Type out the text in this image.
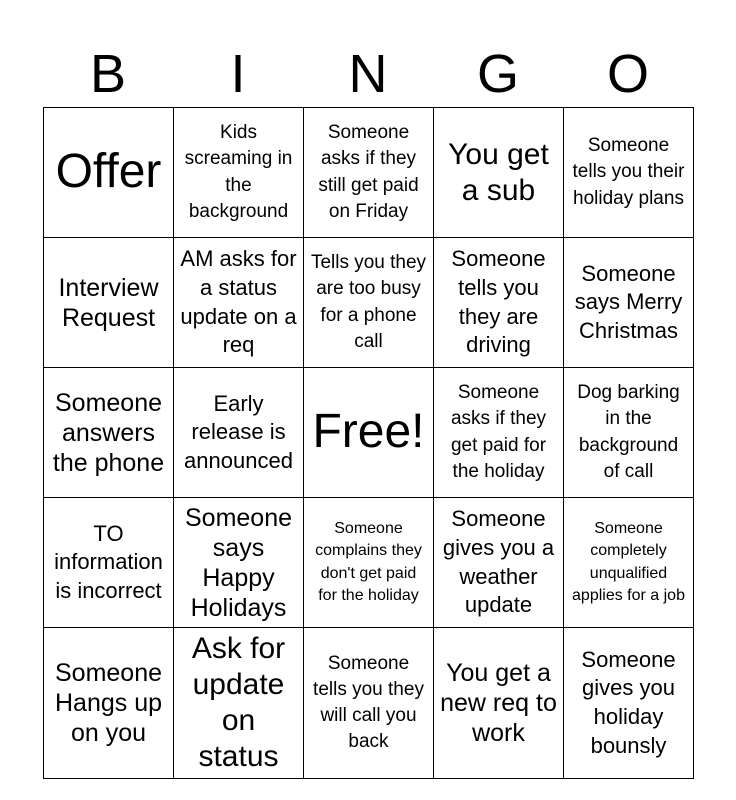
B	I	N	G	O
Offer	Kids screaming in the background	Someone asks if they still get paid on Friday	You get a sub	Someone tells you their holiday plans
Interview Request	AM asks for a status update on a req	Tells you they are too busy for a phone call	Someone tells you they are driving	Someone says Merry Christmas
Someone answers the phone	Early release is announced	Free!	Someone asks if they get paid for the holiday	Dog barking in the background of call
TO information is incorrect	Someone says Happy Holidays	Someone complains they don't get paid for the holiday	Someone gives you a weather update	Someone completely unqualified applies for a job
Someone Hangs up on you	Ask for update on status	Someone tells you they will call you back	You get a new req to work	Someone gives you holiday bounsly
